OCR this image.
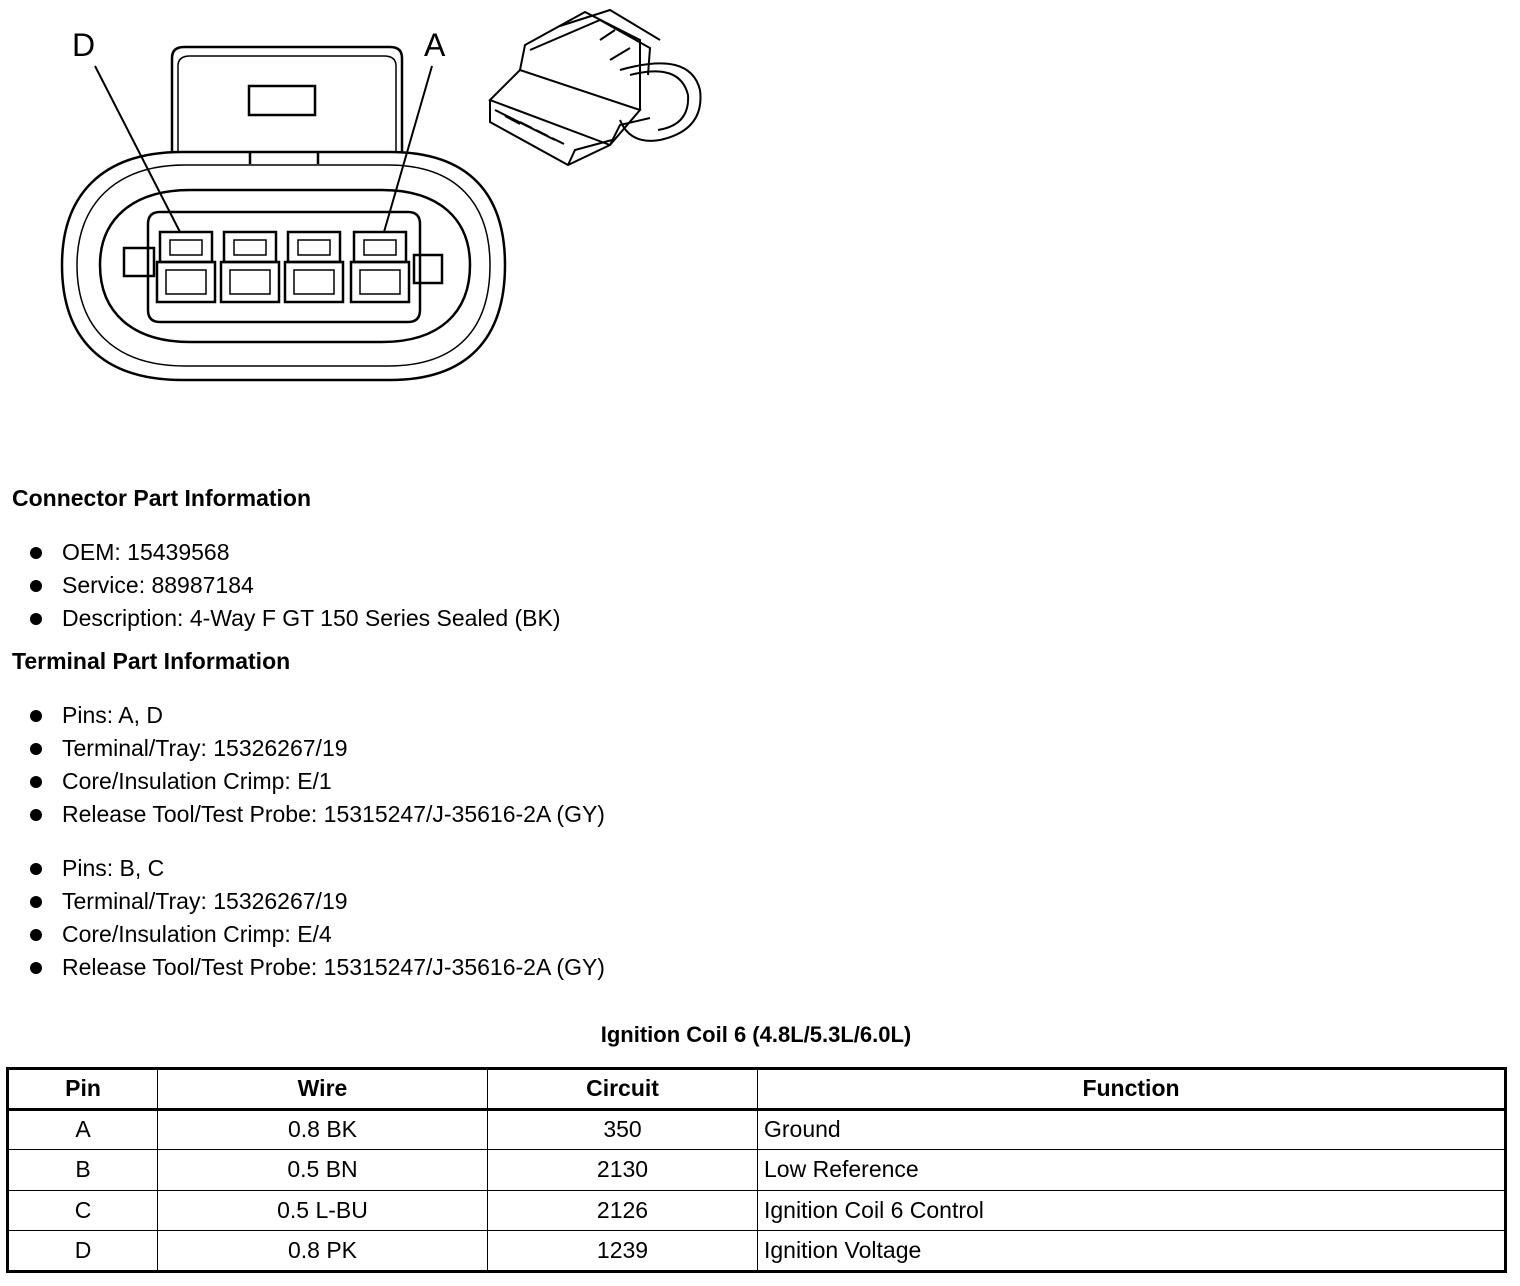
D	A
Connector Part Information
OEM: 15439568
Service: 88987184
Description: 4-Way F GT 150 Series Sealed (BK)
Terminal Part Information
Pins: A, D
Terminal/Tray: 15326267/19
Core/Insulation Crimp: E/1
Release Tool/Test Probe: 15315247/J-35616-2A (GY)
Pins: B, C
Terminal/Tray: 15326267/19
Core/Insulation Crimp: E/4
Release Tool/Test Probe: 15315247/J-35616-2A (GY)
Ignition Coil 6 (4.8L/5.3L/6.0L)
Pin	Wire	Circuit	Function
A	0.8 BK	350	Ground
B	0.5 BN	2130	Low Reference
C	0.5 L-BU	2126	Ignition Coil 6 Control
D	0.8 PK	1239	Ignition Voltage
